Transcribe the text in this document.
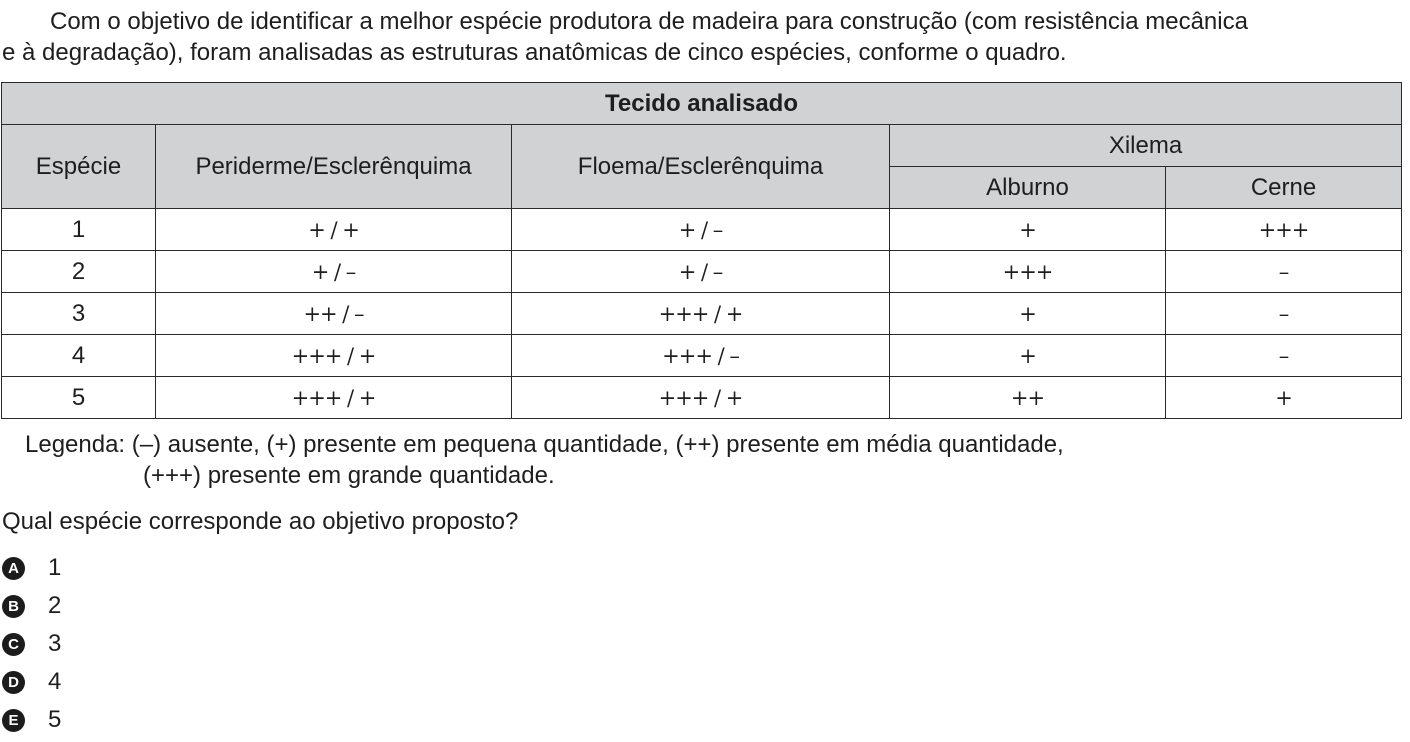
Com o objetivo de identificar a melhor espécie produtora de madeira para construção (com resistência mecânica
e à degradação), foram analisadas as estruturas anatômicas de cinco espécies, conforme o quadro.

Tecido analisado				
Espécie	Periderme/Esclerênquima	Floema/Esclerênquima	Xilema	
			Alburno	Cerne
1	+ / +	+ / –	+	+++
2	+ / –	+ / –	+++	–
3	++ / –	+++ / +	+	–
4	+++ / +	+++ / –	+	–
5	+++ / +	+++ / +	++	+
Legenda: (–) ausente, (+) presente em pequena quantidade, (++) presente em média quantidade,
(+++) presente em grande quantidade.

Qual espécie corresponde ao objetivo proposto?

A 1
B 2
C 3
D 4
E 5
